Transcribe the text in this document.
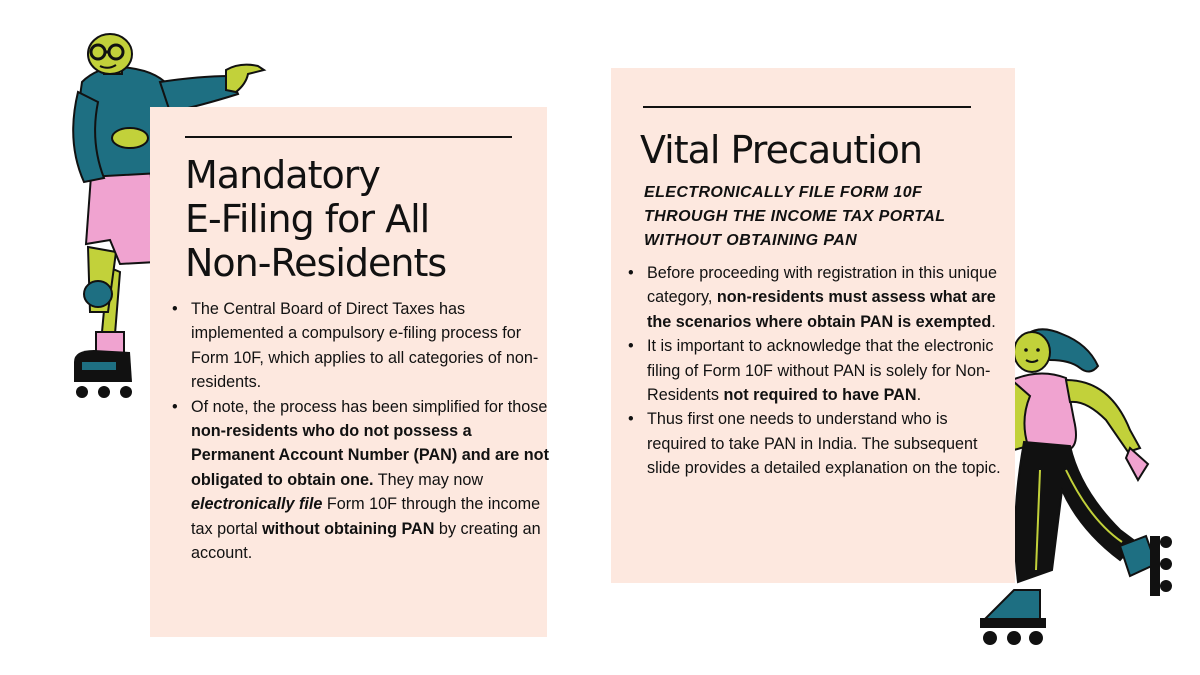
Mandatory
E-Filing for All
Non-Residents
• The Central Board of Direct Taxes has implemented a compulsory e-filing process for Form 10F, which applies to all categories of non-residents.
• Of note, the process has been simplified for those non-residents who do not possess a Permanent Account Number (PAN) and are not obligated to obtain one. They may now electronically file Form 10F through the income tax portal without obtaining PAN by creating an account.
Vital Precaution
ELECTRONICALLY FILE FORM 10F
THROUGH THE INCOME TAX PORTAL
WITHOUT OBTAINING PAN
• Before proceeding with registration in this unique category, non-residents must assess what are the scenarios where obtain PAN is exempted.
• It is important to acknowledge that the electronic filing of Form 10F without PAN is solely for Non-Residents not required to have PAN.
• Thus first one needs to understand who is required to take PAN in India. The subsequent slide provides a detailed explanation on the topic.
